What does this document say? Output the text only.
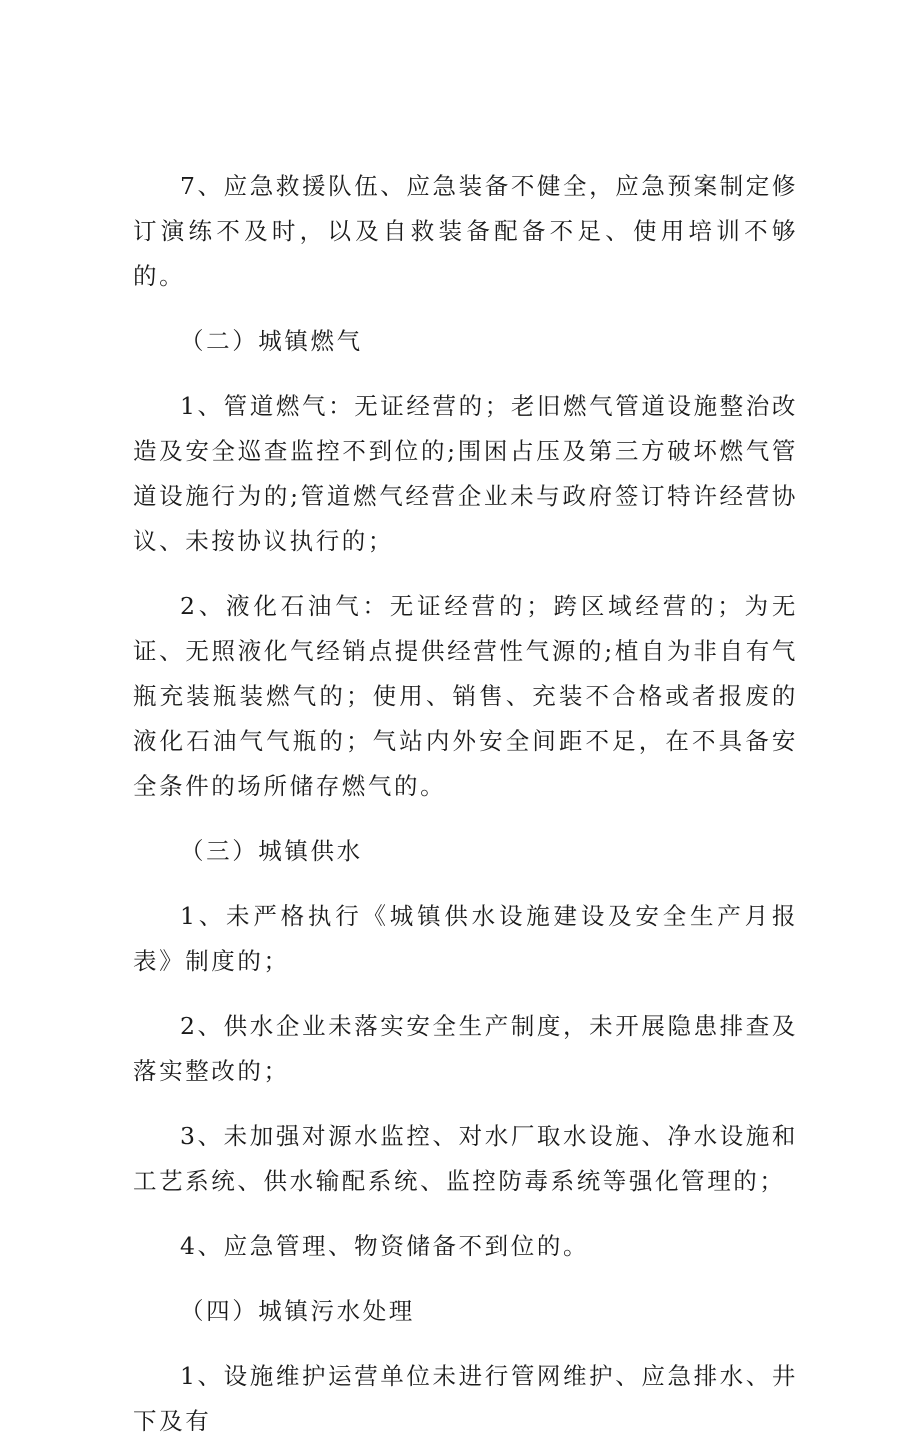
7、应急救援队伍、应急装备不健全，应急预案制定修订演练不及时，以及自救装备配备不足、使用培训不够的。

（二）城镇燃气

1、管道燃气：无证经营的；老旧燃气管道设施整治改造及安全巡查监控不到位的;围困占压及第三方破坏燃气管道设施行为的;管道燃气经营企业未与政府签订特许经营协议、未按协议执行的；

2、液化石油气：无证经营的；跨区域经营的；为无证、无照液化气经销点提供经营性气源的;植自为非自有气瓶充装瓶装燃气的；使用、销售、充装不合格或者报废的液化石油气气瓶的；气站内外安全间距不足，在不具备安全条件的场所储存燃气的。

（三）城镇供水

1、未严格执行《城镇供水设施建设及安全生产月报表》制度的；

2、供水企业未落实安全生产制度，未开展隐患排查及落实整改的；

3、未加强对源水监控、对水厂取水设施、净水设施和工艺系统、供水输配系统、监控防毒系统等强化管理的；

4、应急管理、物资储备不到位的。

（四）城镇污水处理

1、设施维护运营单位未进行管网维护、应急排水、井下及有
